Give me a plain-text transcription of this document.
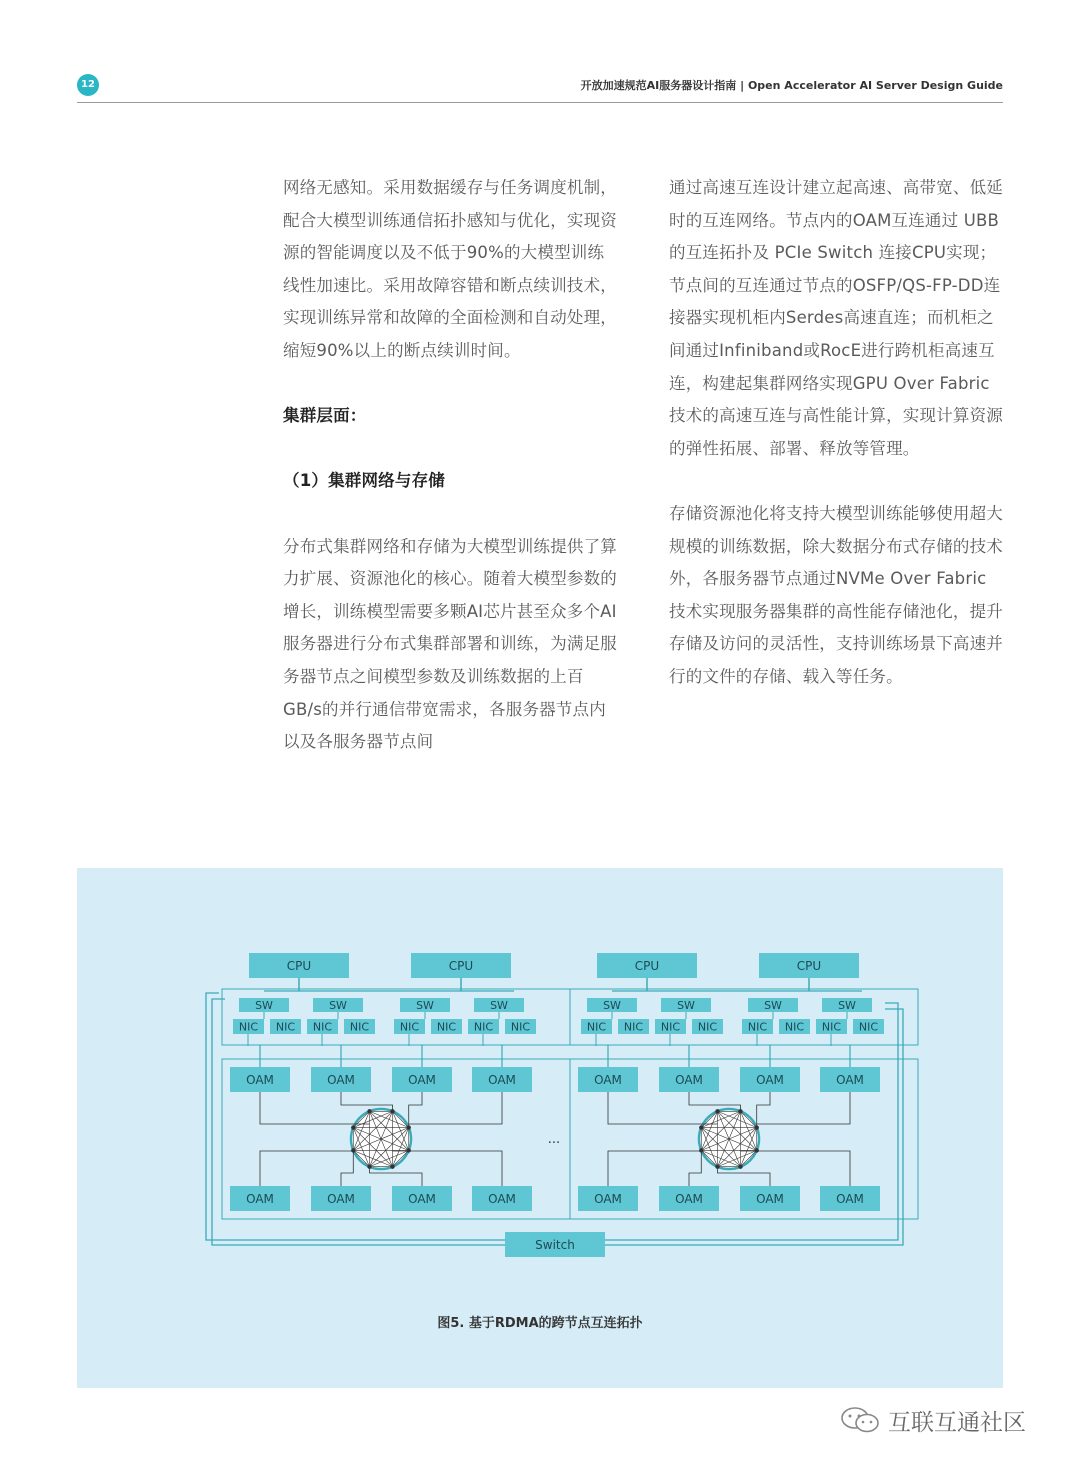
12	开放加速规范AI服务器设计指南 | Open Accelerator AI Server Design Guide

网络无感知。采用数据缓存与任务调度机制，配合大模型训练通信拓扑感知与优化，实现资源的智能调度以及不低于90%的大模型训练线性加速比。采用故障容错和断点续训技术，实现训练异常和故障的全面检测和自动处理，缩短90%以上的断点续训时间。

集群层面：

（1）集群网络与存储

分布式集群网络和存储为大模型训练提供了算力扩展、资源池化的核心。随着大模型参数的增长，训练模型需要多颗AI芯片甚至众多个AI服务器进行分布式集群部署和训练，为满足服务器节点之间模型参数及训练数据的上百GB/s的并行通信带宽需求，各服务器节点内以及各服务器节点间

通过高速互连设计建立起高速、高带宽、低延时的互连网络。节点内的OAM互连通过 UBB 的互连拓扑及 PCIe Switch 连接CPU实现；节点间的互连通过节点的OSFP/QS-FP-DD连接器实现机柜内Serdes高速直连；而机柜之间通过Infiniband或RocE进行跨机柜高速互连，构建起集群网络实现GPU Over Fabric 技术的高速互连与高性能计算，实现计算资源的弹性拓展、部署、释放等管理。

存储资源池化将支持大模型训练能够使用超大规模的训练数据，除大数据分布式存储的技术外，各服务器节点通过NVMe Over Fabric 技术实现服务器集群的高性能存储池化，提升存储及访问的灵活性，支持训练场景下高速并行的文件的存储、载入等任务。

CPU	CPU
SW
NIC NIC
SW
NIC NIC
SW
NIC NIC
SW
NIC NIC
OAM
OAM
OAM
OAM
OAM
OAM
OAM
OAM
CPU	CPU
SW
NIC NIC
SW
NIC NIC
SW
NIC NIC
SW
NIC NIC
OAM
OAM
OAM
OAM
OAM
OAM
OAM
OAM
...
Switch
图5. 基于RDMA的跨节点互连拓扑
互联互通社区
